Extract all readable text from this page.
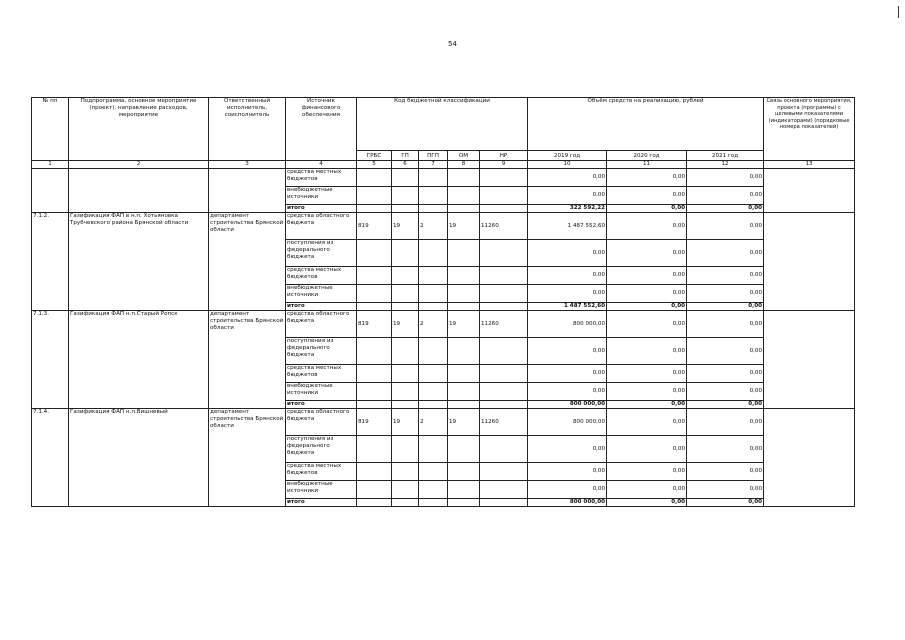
54
№ пп	Подпрограмма, основное мероприятие (проект), направление расходов, мероприятие	Ответственный исполнитель, соисполнитель	Источник финансового обеспечения	Код бюджетной классификации					Объём средств на реализацию, рублей			Связь основного мероприятия, проекта (программы) с целевыми показателями (индикаторами) (порядковые номера показателей)
				ГРБС	ГП	ПГП	ОМ	НР	2019 год	2020 год	2021 год	
1	2	3	4	5	6	7	8	9	10	11	12	13
			средства местных бюджетов						0,00	0,00	0,00	
			внебюджетные источники						0,00	0,00	0,00	
			итого						322 592,22	0,00	0,00	
7.1.2.	Газификация ФАП в н.п. Хотьяновка Трубчевского района Брянской области	департамент строительства Брянской области	средства областного бюджета	819	19	2	19	11260	1 487 552,60	0,00	0,00	
			поступления из федерального бюджета						0,00	0,00	0,00	
			средства местных бюджетов						0,00	0,00	0,00	
			внебюджетные источники						0,00	0,00	0,00	
			итого						1 487 552,60	0,00	0,00	
7.1.3.	Газификация ФАП н.п.Старый Ропск	департамент строительства Брянской области	средства областного бюджета	819	19	2	19	11260	800 000,00	0,00	0,00	
			поступления из федерального бюджета						0,00	0,00	0,00	
			средства местных бюджетов						0,00	0,00	0,00	
			внебюджетные источники						0,00	0,00	0,00	
			итого						800 000,00	0,00	0,00	
7.1.4.	Газификация ФАП н.п.Вишневый	департамент строительства Брянской области	средства областного бюджета	819	19	2	19	11260	800 000,00	0,00	0,00	
			поступления из федерального бюджета						0,00	0,00	0,00	
			средства местных бюджетов						0,00	0,00	0,00	
			внебюджетные источники						0,00	0,00	0,00	
			итого						800 000,00	0,00	0,00	
